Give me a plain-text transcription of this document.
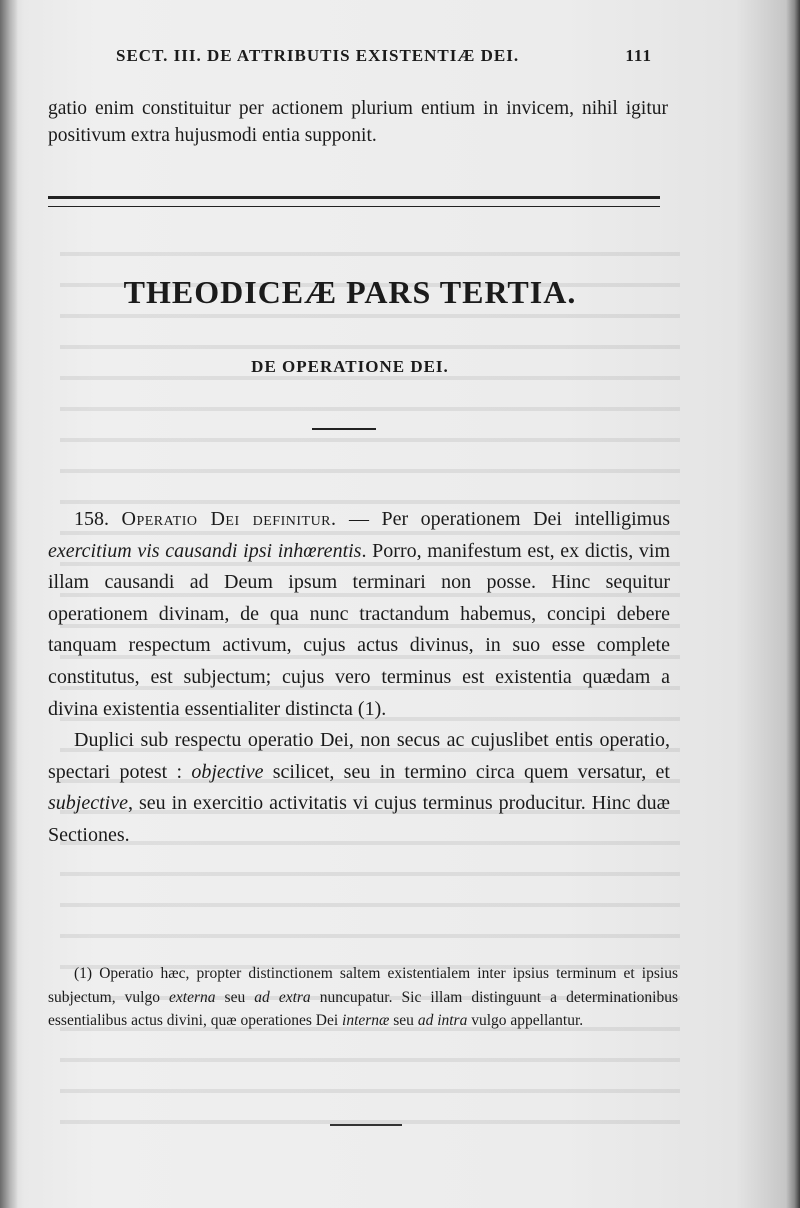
SECT. III. DE ATTRIBUTIS EXISTENTIÆ DEI.	111

gatio enim constituitur per actionem plurium entium in invicem, nihil igitur positivum extra hujusmodi entia supponit.

THEODICEÆ PARS TERTIA.
DE OPERATIONE DEI.

158. Operatio Dei definitur. — Per operationem Dei intelligimus exercitium vis causandi ipsi inhœrentis. Porro, manifestum est, ex dictis, vim illam causandi ad Deum ipsum terminari non posse. Hinc sequitur operationem divinam, de qua nunc tractandum habemus, concipi debere tanquam respectum activum, cujus actus divinus, in suo esse complete constitutus, est subjectum; cujus vero terminus est existentia quædam a divina existentia essentialiter distincta (1).

Duplici sub respectu operatio Dei, non secus ac cujuslibet entis operatio, spectari potest : objective scilicet, seu in termino circa quem versatur, et subjective, seu in exercitio activitatis vi cujus terminus producitur. Hinc duæ Sectiones.

(1) Operatio hæc, propter distinctionem saltem existentialem inter ipsius terminum et ipsius subjectum, vulgo externa seu ad extra nuncupatur. Sic illam distinguunt a determinationibus essentialibus actus divini, quæ operationes Dei internæ seu ad intra vulgo appellantur.
